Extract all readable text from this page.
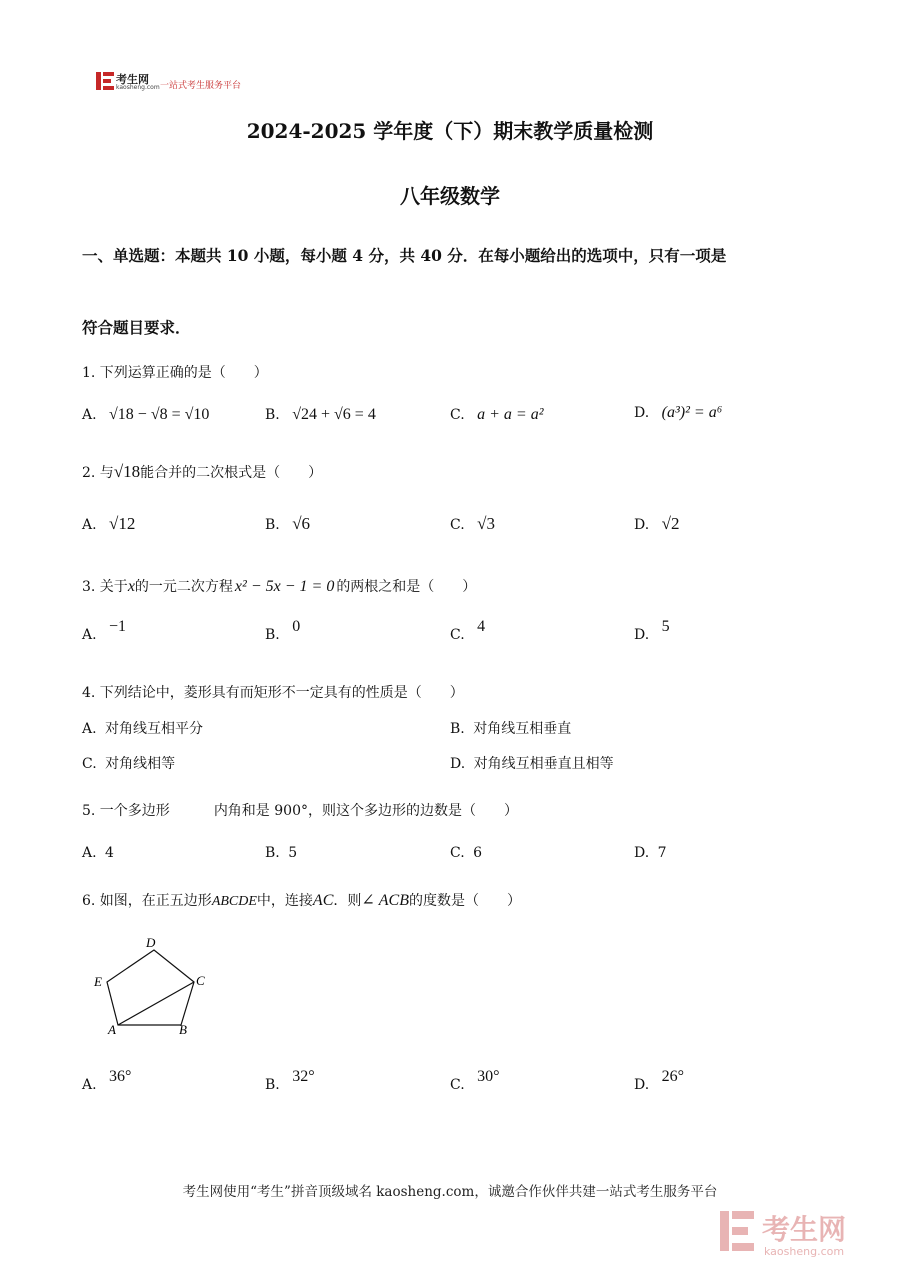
考生网
kaosheng.com 一站式考生服务平台
2024-2025 学年度（下）期末教学质量检测
八年级数学
一、单选题：本题共 10 小题，每小题 4 分，共 40 分．在每小题给出的选项中，只有一项是
符合题目要求．
1. 下列运算正确的是（　　）
A. √18 − √8 = √10	B. √24 + √6 = 4	C. a + a = a²	D. (a³)² = a⁶
2. 与√18能合并的二次根式是（　　）
A. √12	B. √6	C. √3	D. √2
3. 关于x的一元二次方程 x² − 5x − 1 = 0 的两根之和是（　　）
A. −1	B. 0	C. 4	D. 5
4. 下列结论中，菱形具有而矩形不一定具有的性质是（　　）
A. 对角线互相平分	B. 对角线互相垂直
C. 对角线相等	D. 对角线互相垂直且相等
5. 一个多边形	内角和是 900°，则这个多边形的边数是（　　）
A. 4	B. 5	C. 6	D. 7
6. 如图，在正五边形ABCDE中，连接AC．则∠ ACB的度数是（　　）
D
E	C
A	B
A. 36°	B. 32°	C. 30°	D. 26°
考生网使用“考生”拼音顶级域名 kaosheng.com，诚邀合作伙伴共建一站式考生服务平台
考生网
kaosheng.com
